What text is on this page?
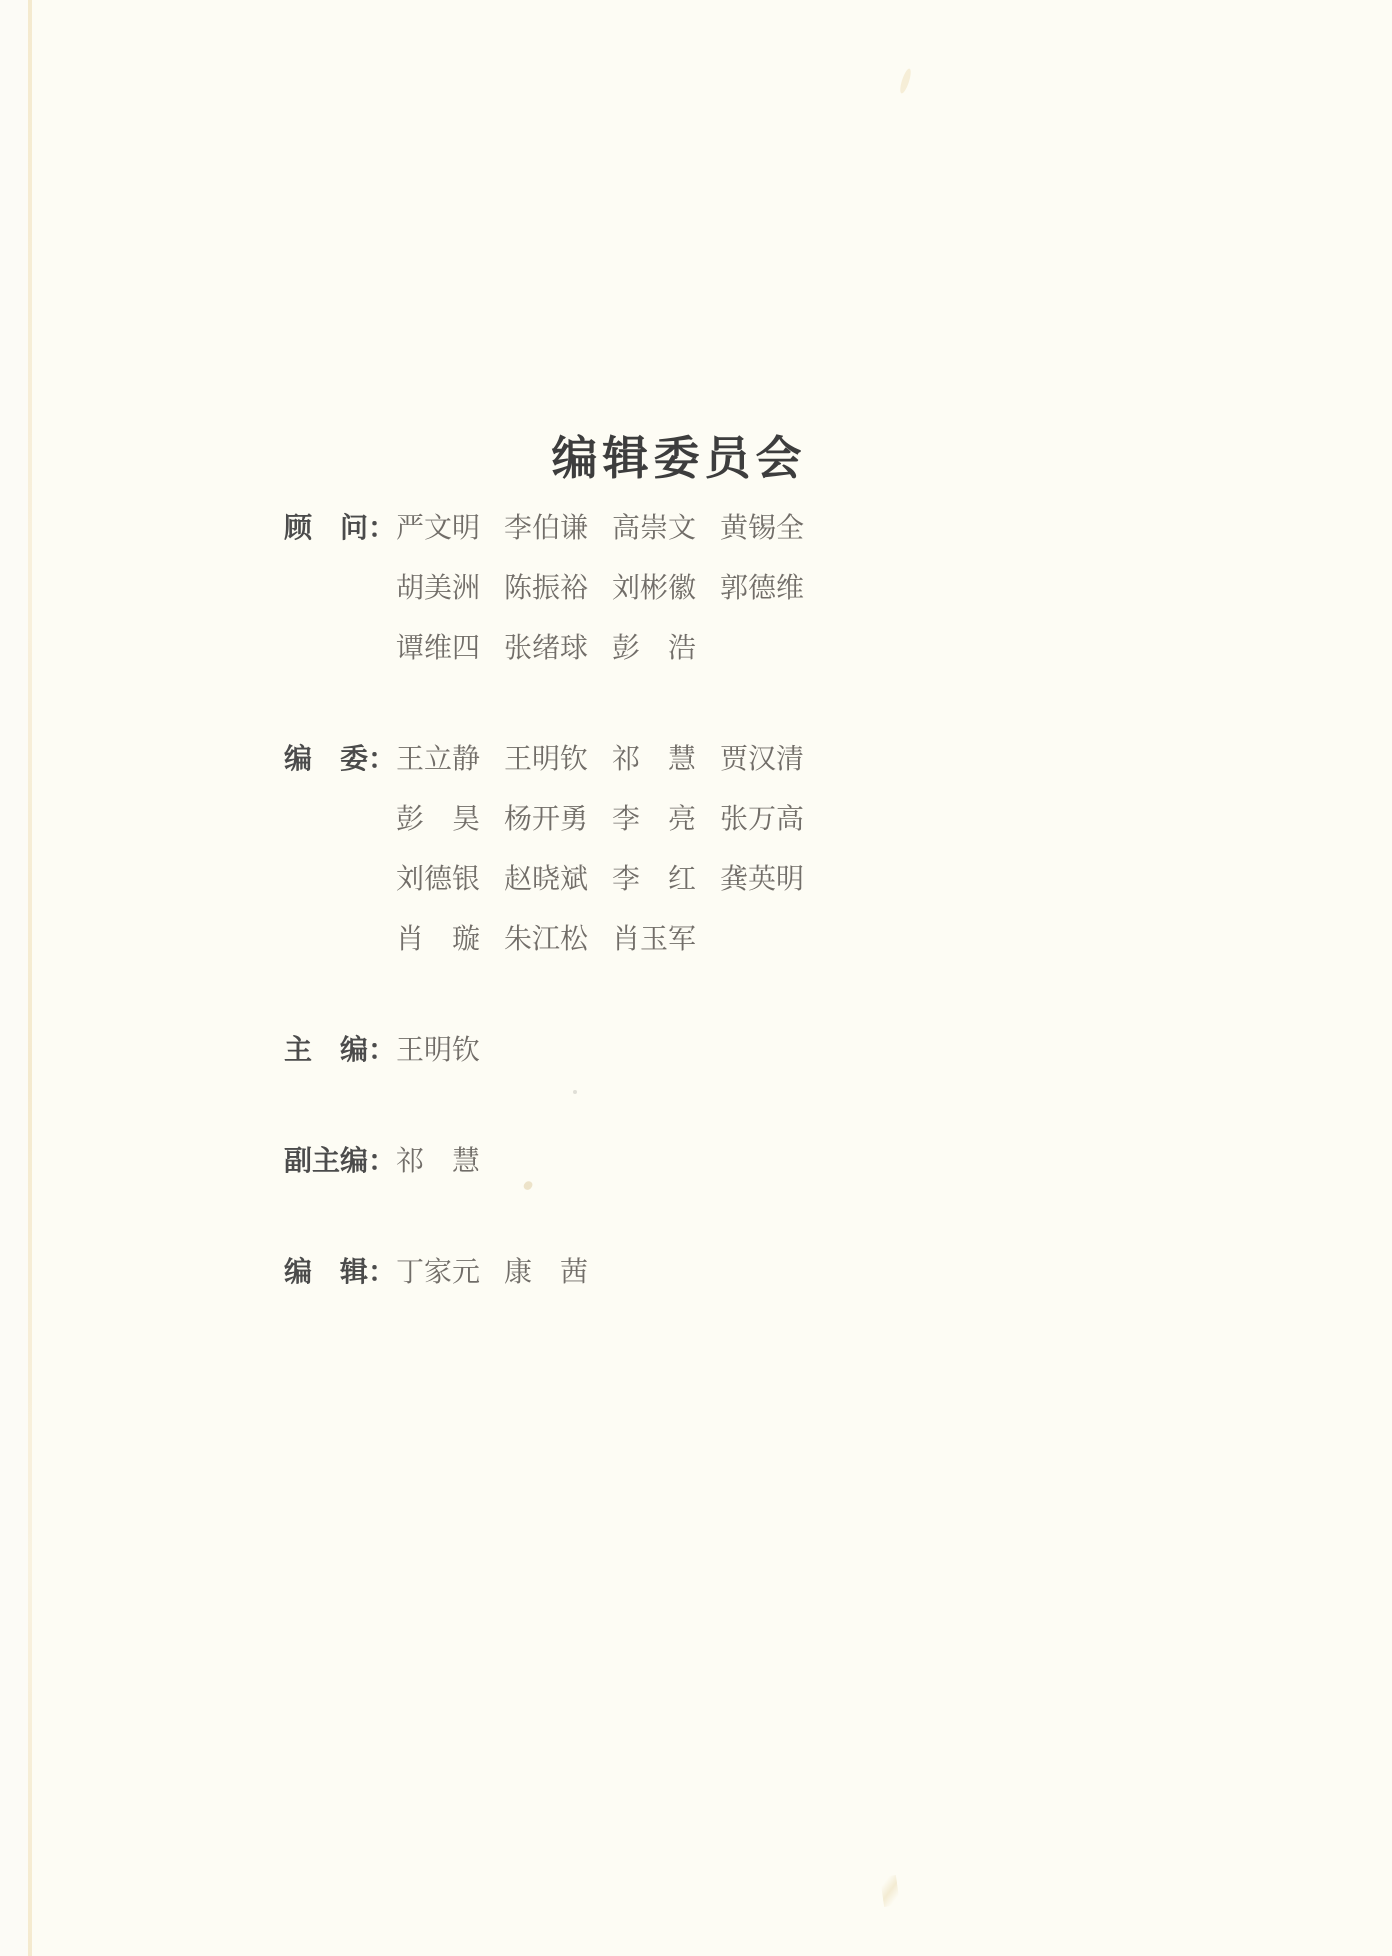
编辑委员会
顾　问： 严文明 李伯谦 高崇文 黄锡全
胡美洲 陈振裕 刘彬徽 郭德维
谭维四 张绪球 彭　浩
编　委： 王立静 王明钦 祁　慧 贾汉清
彭　昊 杨开勇 李　亮 张万高
刘德银 赵晓斌 李　红 龚英明
肖　璇 朱江松 肖玉军
主　编： 王明钦
副主编： 祁　慧
编　辑： 丁家元 康　茜
